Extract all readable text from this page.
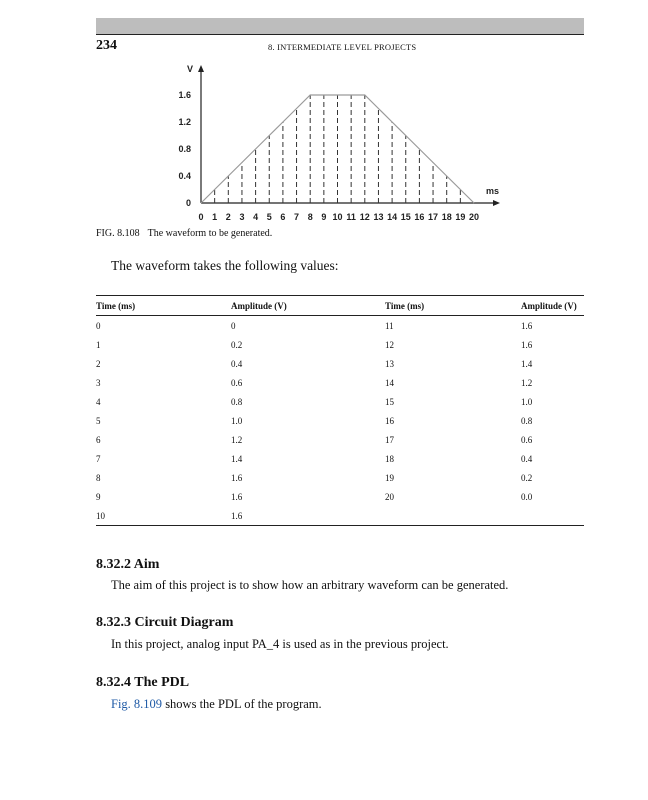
234	8. INTERMEDIATE LEVEL PROJECTS
0
0.4
0.8
1.2
1.6
0 1 2 3 4 5 6 7 8 9 10 11 12 13 14 15 16 17 18 19 20
V
ms
FIG. 8.108 The waveform to be generated.
The waveform takes the following values:
Time (ms)	Amplitude (V)	Time (ms)	Amplitude (V)
0	0	11	1.6
1	0.2	12	1.6
2	0.4	13	1.4
3	0.6	14	1.2
4	0.8	15	1.0
5	1.0	16	0.8
6	1.2	17	0.6
7	1.4	18	0.4
8	1.6	19	0.2
9	1.6	20	0.0
10	1.6		
8.32.2 Aim
The aim of this project is to show how an arbitrary waveform can be generated.
8.32.3 Circuit Diagram
In this project, analog input PA_4 is used as in the previous project.
8.32.4 The PDL
Fig. 8.109 shows the PDL of the program.
